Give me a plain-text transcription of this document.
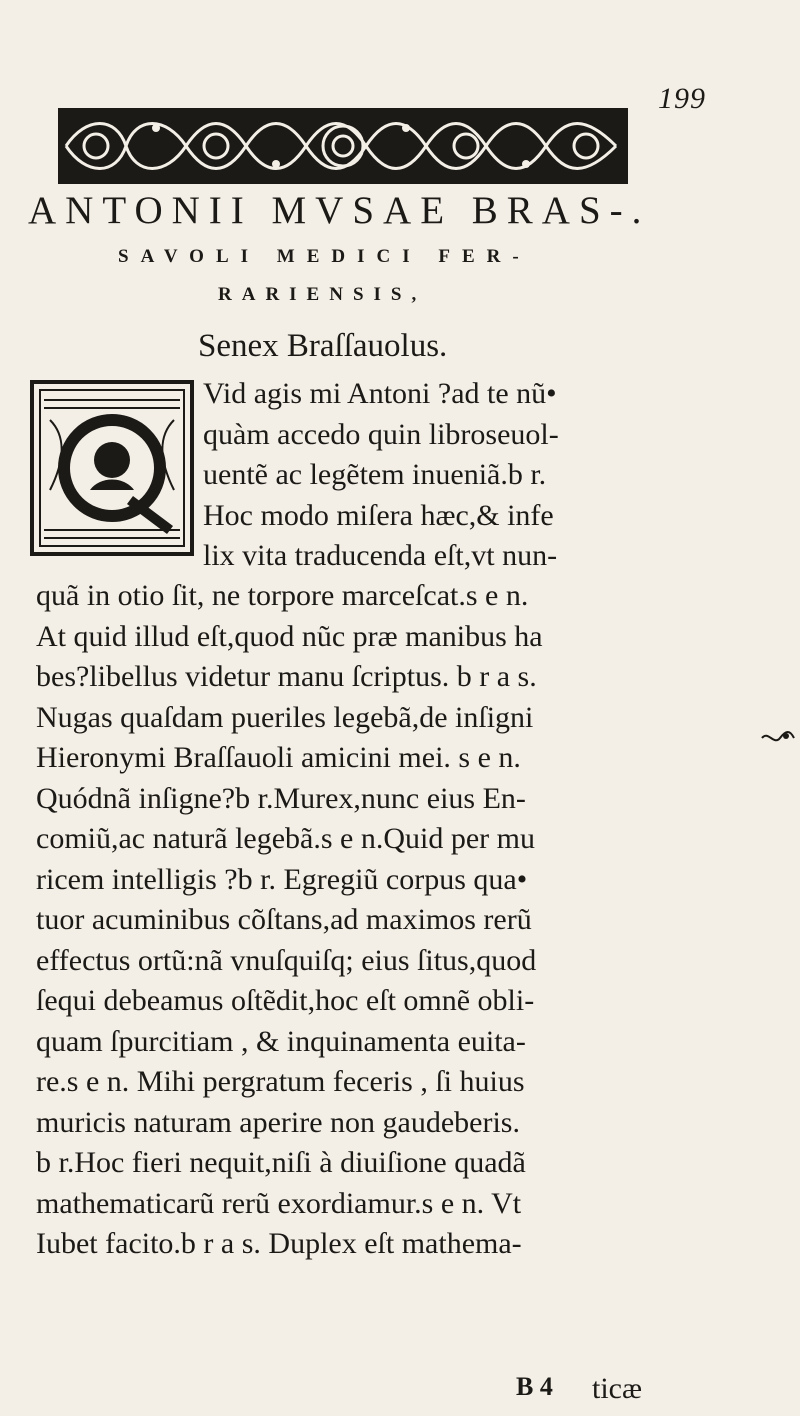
199
ANTONII MVSAE BRAS-.
SAVOLI MEDICI FER-
RARIENSIS,
Senex Braſſauolus.
Vid agis mi Antoni ?ad te nũ•
quàm accedo quin libroseuol-
uentẽ ac legẽtem inueniã.b r.
Hoc modo miſera hæc,& infe
lix vita traducenda eſt,vt nun-
quã in otio ſit, ne torpore marceſcat.s e n.
At quid illud eſt,quod nũc præ manibus ha
bes?libellus videtur manu ſcriptus. b r a s.
Nugas quaſdam pueriles legebã,de inſigni
Hieronymi Braſſauoli amicini mei. s e n.
Quódnã inſigne?b r.Murex,nunc eius En-
comiũ,ac naturã legebã.s e n.Quid per mu
ricem intelligis ?b r. Egregiũ corpus qua•
tuor acuminibus cõſtans,ad maximos rerũ
effectus ortũ:nã vnuſquiſq; eius ſitus,quod
ſequi debeamus oſtẽdit,hoc eſt omnẽ obli-
quam ſpurcitiam , & inquinamenta euita-
re.s e n. Mihi pergratum feceris , ſi huius
muricis naturam aperire non gaudeberis.
b r.Hoc fieri nequit,niſi à diuiſione quadã
mathematicarũ rerũ exordiamur.s e n. Vt
Iubet facito.b r a s. Duplex eſt mathema-
B 4 ticæ
